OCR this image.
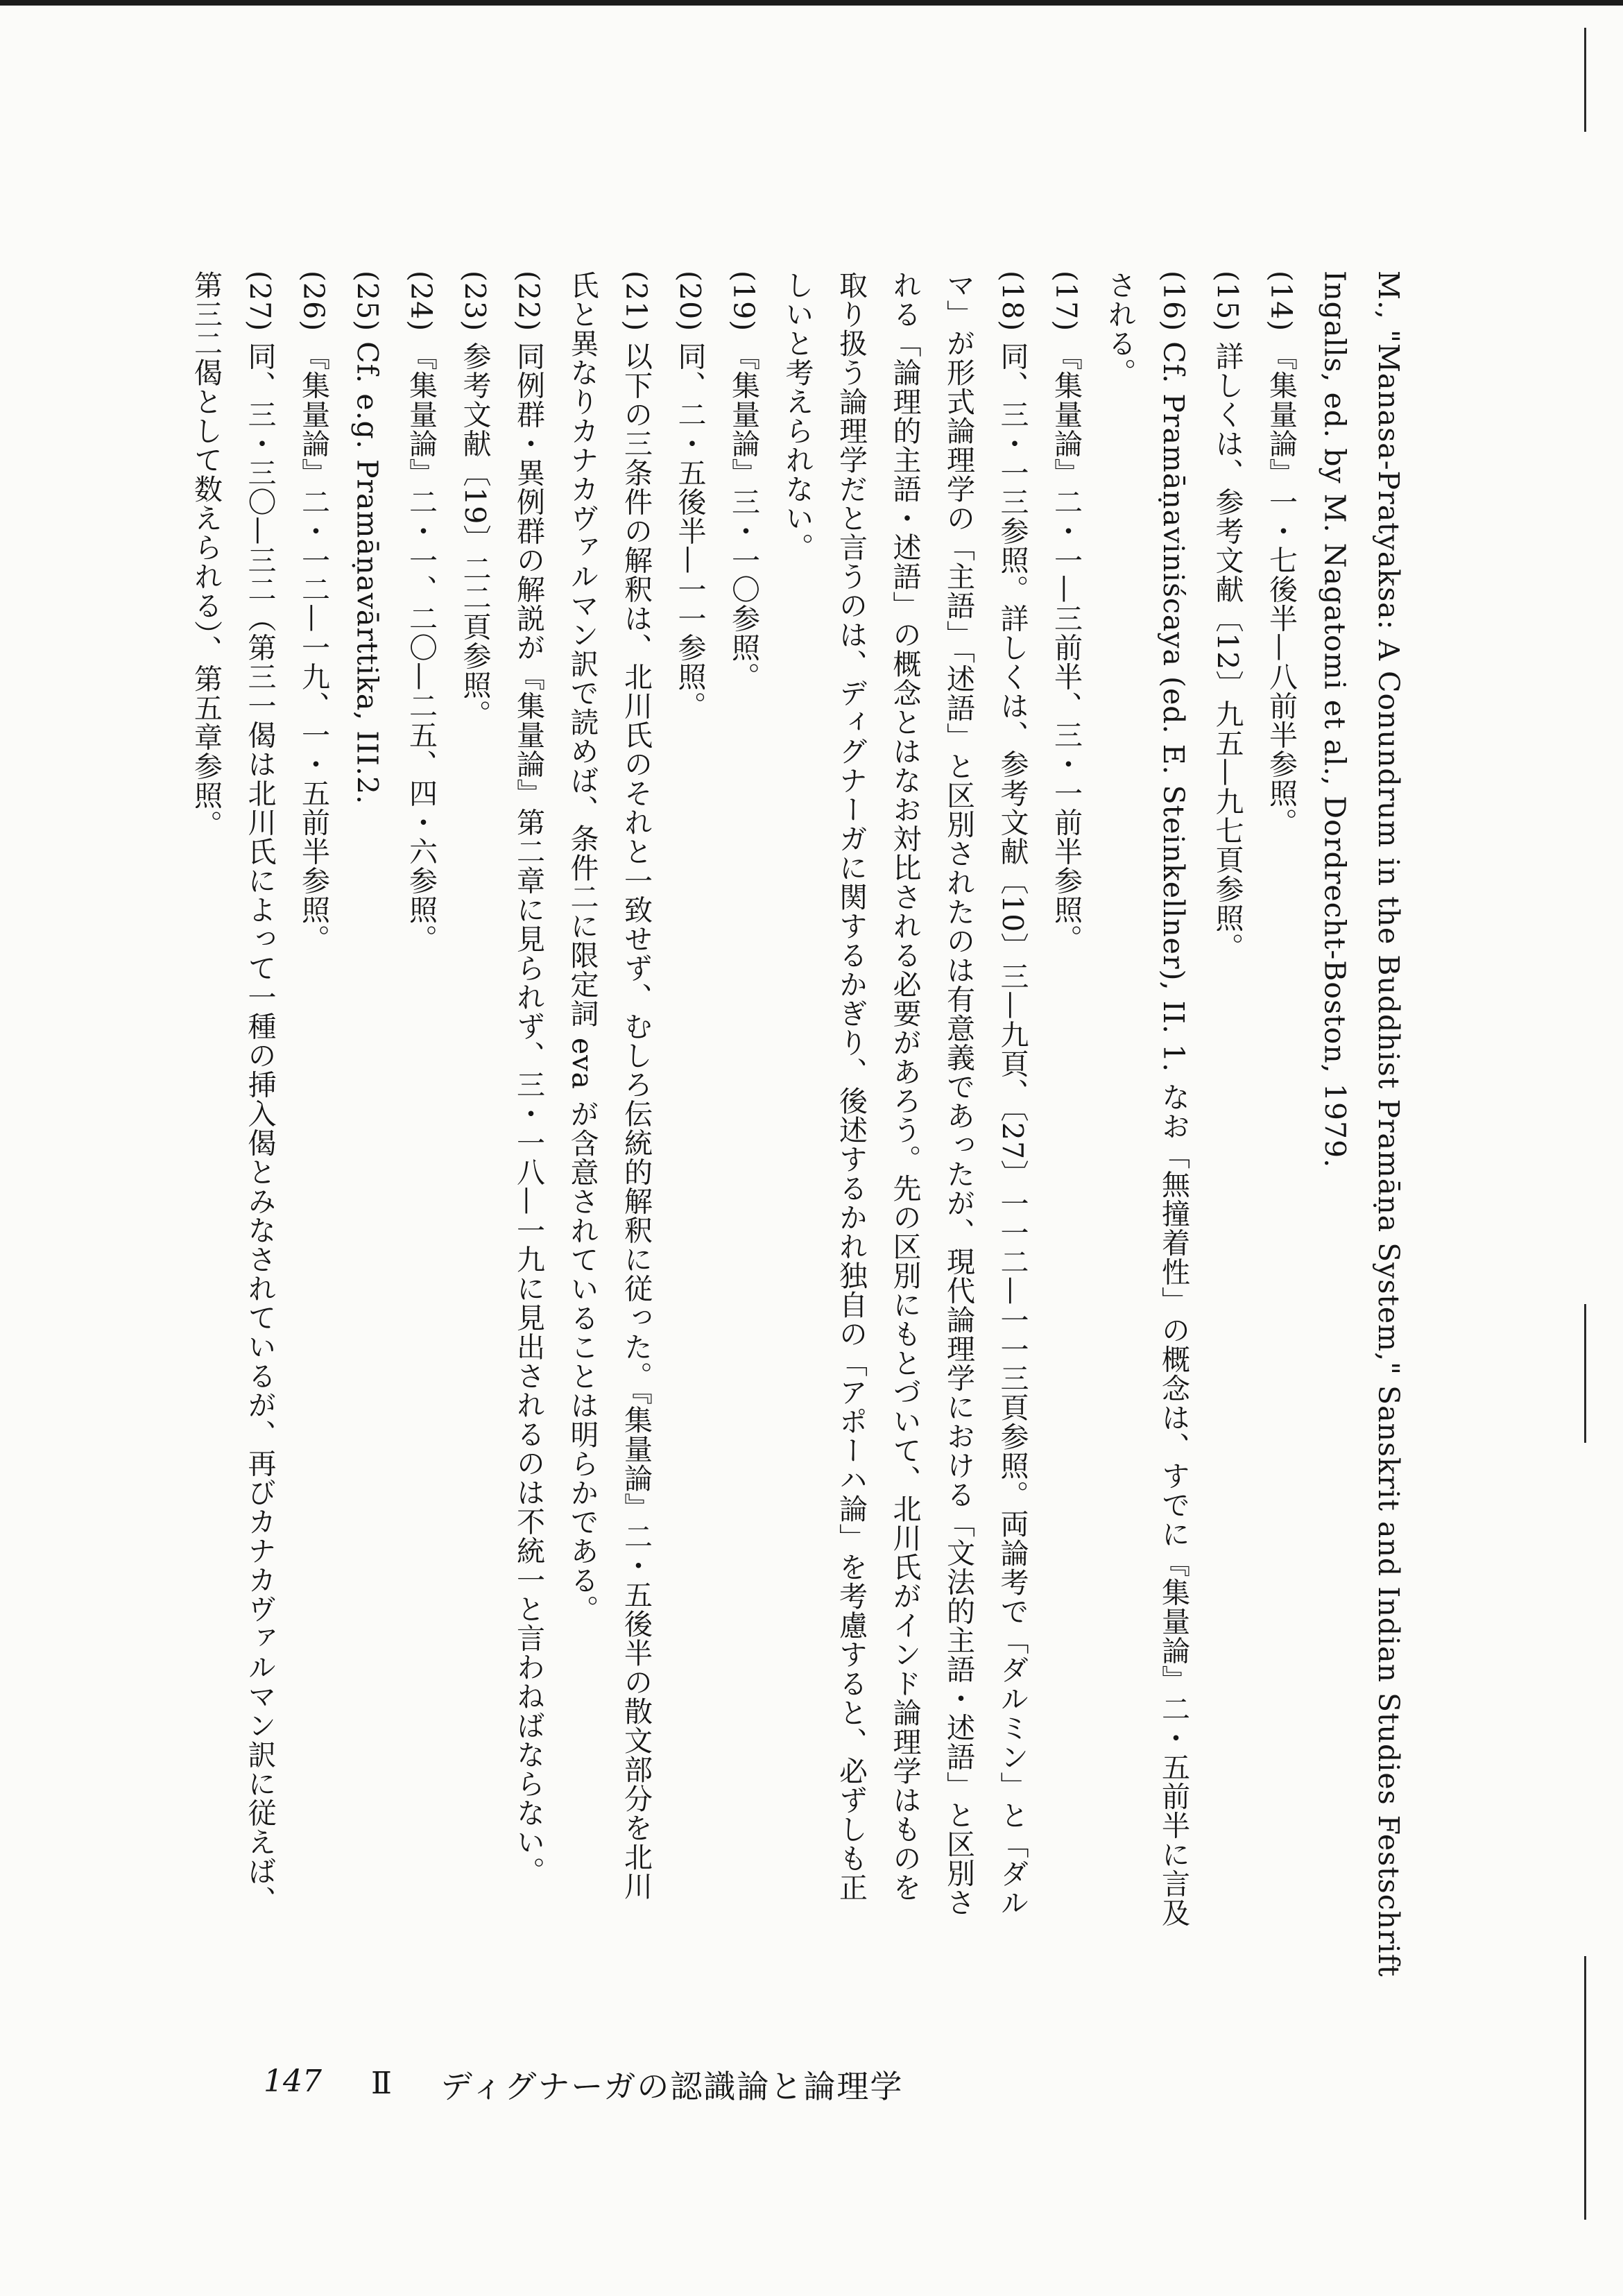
M., "Manasa-Pratyaksa: A Conundrum in the Buddhist Pramāṇa System," Sanskrit and Indian Studies Festschrift
Ingalls, ed. by M. Nagatomi et al., Dordrecht-Boston, 1979.
(14) 『集量論』一・七後半—八前半参照。
(15) 詳しくは、参考文献〔12〕九五—九七頁参照。
(16) Cf. Pramāṇaviniścaya (ed. E. Steinkellner), II. 1. なお「無撞着性」の概念は、すでに『集量論』二・五前半に言及
される。
(17) 『集量論』二・一—三前半、三・一前半参照。
(18) 同、三・一三参照。詳しくは、参考文献〔10〕三—九頁、〔27〕一一二—一一三頁参照。両論考で「ダルミン」と「ダル
マ」が形式論理学の「主語」「述語」と区別されたのは有意義であったが、現代論理学における「文法的主語・述語」と区別さ
れる「論理的主語・述語」の概念とはなお対比される必要があろう。先の区別にもとづいて、北川氏がインド論理学はものを
取り扱う論理学だと言うのは、ディグナーガに関するかぎり、後述するかれ独自の「アポーハ論」を考慮すると、必ずしも正
しいと考えられない。
(19) 『集量論』三・一〇参照。
(20) 同、二・五後半—一一参照。
(21) 以下の三条件の解釈は、北川氏のそれと一致せず、むしろ伝統的解釈に従った。『集量論』二・五後半の散文部分を北川
氏と異なりカナカヴァルマン訳で読めば、条件二に限定詞 eva が含意されていることは明らかである。
(22) 同例群・異例群の解説が『集量論』第二章に見られず、三・一八—一九に見出されるのは不統一と言わねばならない。
(23) 参考文献〔19〕二二頁参照。
(24) 『集量論』二・一、二〇—二五、四・六参照。
(25) Cf. e.g. Pramāṇavārttika, III.2.
(26) 『集量論』二・一二—一九、一・五前半参照。
(27) 同、三・三〇—三二（第三一偈は北川氏によって一種の挿入偈とみなされているが、再びカナカヴァルマン訳に従えば、
第三二偈として数えられる）、第五章参照。
147 Ⅱ ディグナーガの認識論と論理学
